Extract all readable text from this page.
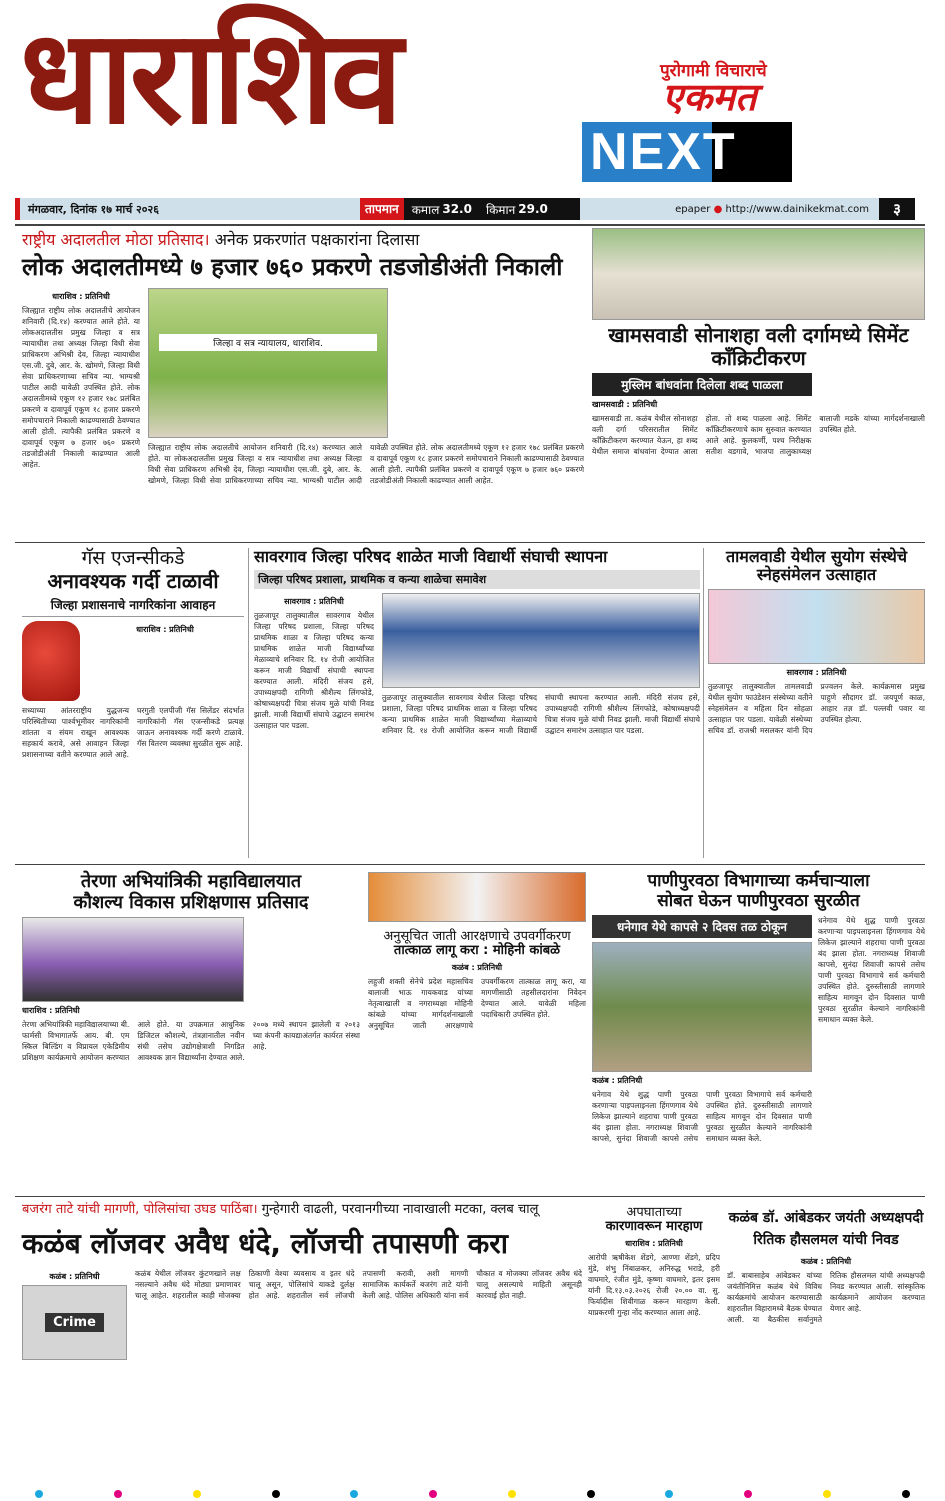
धाराशिव	पुरोगामी विचाराचे
एकमत
NEXT
मंगळवार, दिनांक १७ मार्च २०२६	तापमान	कमाल 32.0 किमान 29.0	epaper ● http://www.dainikekmat.com	३
राष्ट्रीय अदालतील मोठा प्रतिसाद। अनेक प्रकरणांत पक्षकारांना दिलासा
लोक अदालतीमध्ये ७ हजार ७६० प्रकरणे तडजोडीअंती निकाली
धाराशिव : प्रतिनिधी
जिल्ह्यात राष्ट्रीय लोक अदालतीचे आयोजन शनिवारी (दि.१४) करण्यात आले होते. या लोकअदालतीस प्रमुख जिल्हा व सत्र न्यायाधीश तथा अध्यक्ष जिल्हा विधी सेवा प्राधिकरण अभिश्री देव, जिल्हा न्यायाधीश एस.जी. दुबे, आर. के. खोमणे, जिल्हा विधी सेवा प्राधिकरणाच्या सचिव न्या. भाग्यश्री पाटील आदी यावेळी उपस्थित होते. लोक अदालतीमध्ये एकूण १२ हजार १७८ प्रलंबित प्रकरणे व दावापूर्व एकूण १८ हजार प्रकरणे समोपचाराने निकाली काढण्यासाठी ठेवण्यात आली होती. त्यापैकी प्रलंबित प्रकरणे व दावापूर्व एकूण ७ हजार ७६० प्रकरणे तडजोडीअंती निकाली काढण्यात आली आहेत.
जिल्हा व सत्र न्यायालय, धाराशिव.
जिल्ह्यात राष्ट्रीय लोक अदालतीचे आयोजन शनिवारी (दि.१४) करण्यात आले होते. या लोकअदालतीस प्रमुख जिल्हा व सत्र न्यायाधीश तथा अध्यक्ष जिल्हा विधी सेवा प्राधिकरण अभिश्री देव, जिल्हा न्यायाधीश एस.जी. दुबे, आर. के. खोमणे, जिल्हा विधी सेवा प्राधिकरणाच्या सचिव न्या. भाग्यश्री पाटील आदी यावेळी उपस्थित होते. लोक अदालतीमध्ये एकूण १२ हजार १७८ प्रलंबित प्रकरणे व दावापूर्व एकूण १८ हजार प्रकरणे समोपचाराने निकाली काढण्यासाठी ठेवण्यात आली होती. त्यापैकी प्रलंबित प्रकरणे व दावापूर्व एकूण ७ हजार ७६० प्रकरणे तडजोडीअंती निकाली काढण्यात आली आहेत.
खामसवाडी सोनाशहा वली दर्गामध्ये सिमेंट काँक्रिटीकरण
मुस्लिम बांधवांना दिलेला शब्द पाळला
खामसवाडी : प्रतिनिधी
खामसवाडी ता. कळंब येथील सोनाशहा वली दर्गा परिसरातील सिमेंट काँक्रिटीकरण करण्यात येऊन, हा शब्द येथील समाज बांधवांना देण्यात आला होता. तो शब्द पाळला आहे. सिमेंट काँक्रिटीकरणाचे काम सुरुवात करण्यात आले आहे. कुलकर्णी, पश्च निरीक्षक सतीश वडगावे, भाजपा तालुकाध्यक्ष बालाजी मडके यांच्या मार्गदर्शनाखाली उपस्थित होते.
गॅस एजन्सीकडे
अनावश्यक गर्दी टाळावी
जिल्हा प्रशासनाचे नागरिकांना आवाहन
धाराशिव : प्रतिनिधी
सध्याच्या आंतरराष्ट्रीय युद्धजन्य परिस्थितीच्या पार्श्वभूमीवर नागरिकांनी शांतता व संयम राखून आवश्यक सहकार्य करावे, असे आवाहन जिल्हा प्रशासनाच्या वतीने करण्यात आले आहे. घरगुती एलपीजी गॅस सिलेंडर संदर्भात नागरिकांनी गॅस एजन्सीकडे प्रत्यक्ष जाऊन अनावश्यक गर्दी करणे टाळावे. गॅस वितरण व्यवस्था सुरळीत सुरू आहे.
सावरगाव जिल्हा परिषद शाळेत माजी विद्यार्थी संघाची स्थापना
जिल्हा परिषद प्रशाला, प्राथमिक व कन्या शाळेचा समावेश
सावरगाव : प्रतिनिधी
तुळजापूर तालुक्यातील सावरगाव येथील जिल्हा परिषद प्रशाला, जिल्हा परिषद प्राथमिक शाळा व जिल्हा परिषद कन्या प्राथमिक शाळेत माजी विद्यार्थ्यांच्या मेळाव्याचे शनिवार दि. १४ रोजी आयोजित करून माजी विद्यार्थी संघाची स्थापना करण्यात आली. मंदिरी संजय हसे, उपाध्यक्षपदी रागिणी श्रीशैल्य लिंगफोडे, कोषाध्यक्षपदी चित्रा संजय मुळे यांची निवड झाली. माजी विद्यार्थी संघाचे उद्घाटन समारंभ उत्साहात पार पडला.
तुळजापूर तालुक्यातील सावरगाव येथील जिल्हा परिषद प्रशाला, जिल्हा परिषद प्राथमिक शाळा व जिल्हा परिषद कन्या प्राथमिक शाळेत माजी विद्यार्थ्यांच्या मेळाव्याचे शनिवार दि. १४ रोजी आयोजित करून माजी विद्यार्थी संघाची स्थापना करण्यात आली. मंदिरी संजय हसे, उपाध्यक्षपदी रागिणी श्रीशैल्य लिंगफोडे, कोषाध्यक्षपदी चित्रा संजय मुळे यांची निवड झाली. माजी विद्यार्थी संघाचे उद्घाटन समारंभ उत्साहात पार पडला.
तामलवाडी येथील सुयोग संस्थेचे स्नेहसंमेलन उत्साहात
सावरगाव : प्रतिनिधी
तुळजापूर तालुक्यातील तामलवाडी येथील सुयोग फाउंडेशन संस्थेच्या वतीने स्नेहसंमेलन व महिला दिन सोहळा उत्साहात पार पडला. यावेळी संस्थेच्या सचिव डॉ. राजश्री मसलकर यांनी दिप प्रज्वलन केले. कार्यक्रमास प्रमुख पाहुणे सौदागर डॉ. जयपूर्ण काळ, आहार तज्ञ डॉ. पल्लवी पवार या उपस्थित होत्या.
तेरणा अभियांत्रिकी महाविद्यालयात
कौशल्य विकास प्रशिक्षणास प्रतिसाद
धाराशिव : प्रतिनिधी
तेरणा अभियांत्रिकी महाविद्यालयाच्या बी. फार्मसी विभागातर्फे आय. बी. एम स्किल बिल्डिंग व विप्रायल एकेडिमीय प्रशिक्षण कार्यक्रमाचे आयोजन करण्यात आले होते. या उपक्रमात आधुनिक डिजिटल कौशल्ये, तंत्रज्ञानातील नवीन संधी तसेच उद्योगक्षेत्राशी निगडित आवश्यक ज्ञान विद्यार्थ्यांना देण्यात आले. २००७ मध्ये स्थापन झालेली व २०१३ च्या कंपनी कायद्याअंतर्गत कार्यरत संस्था आहे.
अनुसूचित जाती आरक्षणाचे उपवर्गीकरण
तात्काळ लागू करा : मोहिनी कांबळे
कळंब : प्रतिनिधी
लहुजी शक्ती सेनेचे प्रदेश महासचिव बालाजी भाऊ गायकवाड यांच्या नेतृत्वाखाली व नगराध्यक्षा मोहिनी कांबळे यांच्या मार्गदर्शनाखाली अनुसूचित जाती आरक्षणाचे उपवर्गीकरण तात्काळ लागू करा, या मागणीसाठी तहसीलदारांना निवेदन देण्यात आले. यावेळी महिला पदाधिकारी उपस्थित होते.
पाणीपुरवठा विभागाच्या कर्मचाऱ्याला
सोबत घेऊन पाणीपुरवठा सुरळीत
धनेगाव येथे कापसे २ दिवस तळ ठोकून
कळंब : प्रतिनिधी
धनेगाव येथे शुद्ध पाणी पुरवठा करणाऱ्या पाइपलाइनला हिंगणगाव येथे लिकेज झाल्याने शहराचा पाणी पुरवठा बंद झाला होता. नगराध्यक्ष शिवाजी कापसे, सुनंदा शिवाजी कापसे तसेच पाणी पुरवठा विभागाचे सर्व कर्मचारी उपस्थित होते. दुरुस्तीसाठी लागणारे साहित्य मागवून दोन दिवसात पाणी पुरवठा सुरळीत केल्याने नागरिकांनी समाधान व्यक्त केले.
धनेगाव येथे शुद्ध पाणी पुरवठा करणाऱ्या पाइपलाइनला हिंगणगाव येथे लिकेज झाल्याने शहराचा पाणी पुरवठा बंद झाला होता. नगराध्यक्ष शिवाजी कापसे, सुनंदा शिवाजी कापसे तसेच पाणी पुरवठा विभागाचे सर्व कर्मचारी उपस्थित होते. दुरुस्तीसाठी लागणारे साहित्य मागवून दोन दिवसात पाणी पुरवठा सुरळीत केल्याने नागरिकांनी समाधान व्यक्त केले.
बजरंग ताटे यांची मागणी, पोलिसांचा उघड पाठिंबा। गुन्हेगारी वाढली, परवानगीच्या नावाखाली मटका, क्लब चालू
कळंब लॉजवर अवैध धंदे, लॉजची तपासणी करा
कळंब : प्रतिनिधी
Crime
कळंब येथील लॉजवर कुंटणखाने लक्ष नसल्याने अवैध धंदे मोठ्या प्रमाणावर चालू आहेत. शहरातील काही मोजक्या ठिकाणी वेश्या व्यवसाय व इतर धंदे चालू असून, पोलिसांचे याकडे दुर्लक्ष होत आहे. शहरातील सर्व लॉजची तपासणी करावी, अशी मागणी सामाजिक कार्यकर्ते बजरंग ताटे यांनी केली आहे. पोलिस अधिकारी यांना सर्व चौकात व मोजक्या लॉजवर अवैध धंदे चालू असल्याचे माहिती असूनही कारवाई होत नाही.
अपघाताच्या
कारणावरून मारहाण
धाराशिव : प्रतिनिधी
आरोपी ऋषीकेश शेंडगे, आण्णा शेंडगे, प्रदिप मुंडे, शंभु निंबाळकर, अनिरुद्ध भराडे, हरी वाघमारे, रंजीत मुंडे, कृष्णा वाघमारे, इतर इसम यांनी दि.१३.०३.२०२६ रोजी २०.०० वा. सु. फिर्यादीस शिवीगाळ करून मारहाण केली. याप्रकरणी गुन्हा नोंद करण्यात आला आहे.
कळंब डॉ. आंबेडकर जयंती अध्यक्षपदी
रितिक हौसलमल यांची निवड
कळंब : प्रतिनिधी
डॉ. बाबासाहेब आंबेडकर यांच्या जयंतीनिमित्त कळंब येथे विविध कार्यक्रमांचे आयोजन करण्यासाठी शहरातील विहारामध्ये बैठक घेण्यात आली. या बैठकीस सर्वानुमते रितिक हौसलमल यांची अध्यक्षपदी निवड करण्यात आली. सांस्कृतिक कार्यक्रमाने आयोजन करण्यात येणार आहे.
